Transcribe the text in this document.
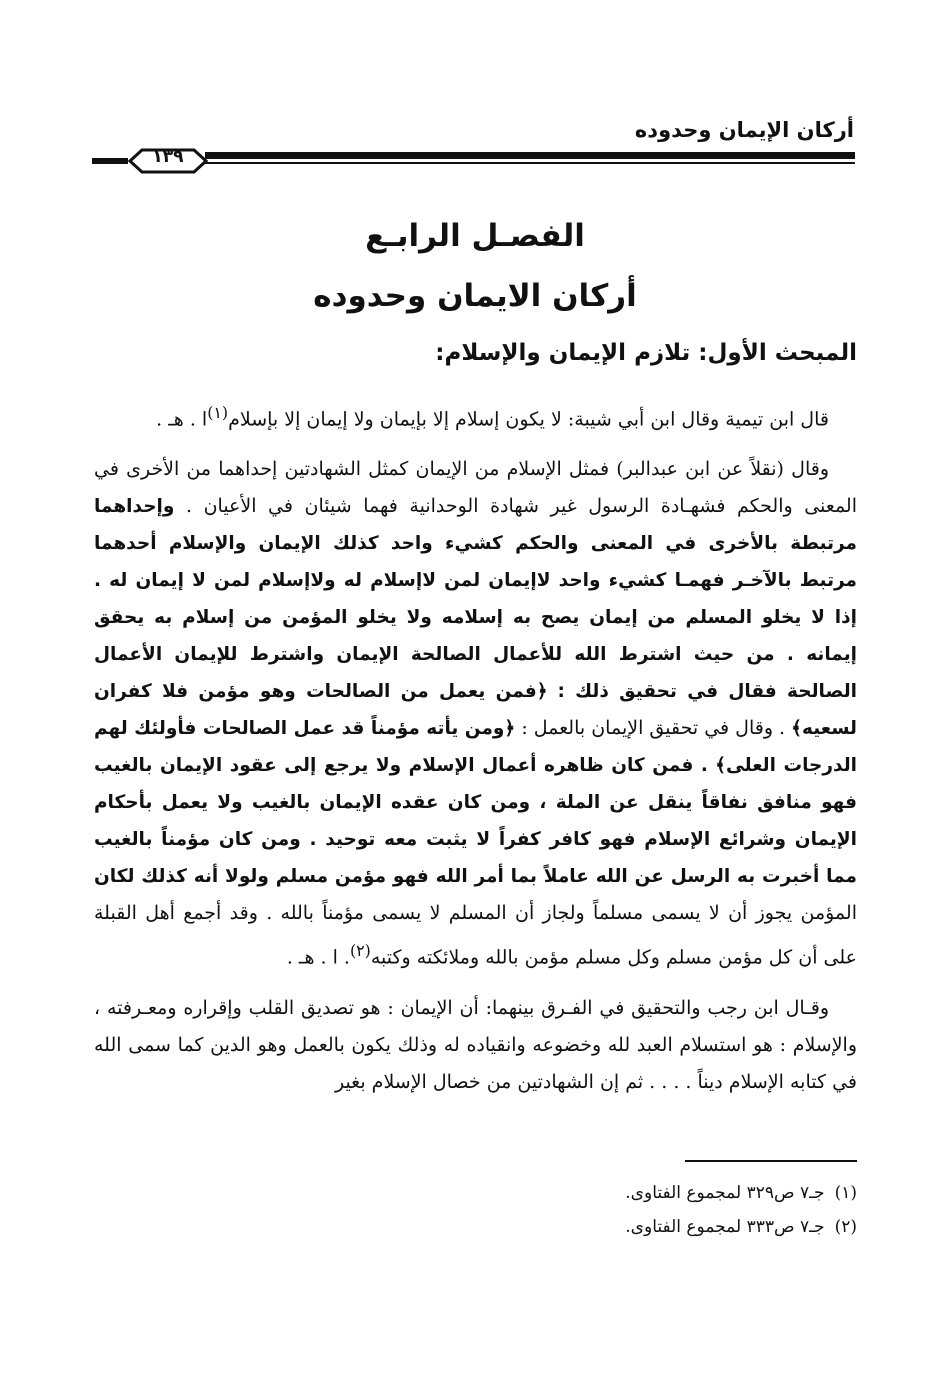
أركان الإيمان وحدوده
١٣٩
الفصـل الرابـع
أركان الايمان وحدوده
المبحث الأول: تلازم الإيمان والإسلام:

قال ابن تيمية وقال ابن أبي شيبة: لا يكون إسلام إلا بإيمان ولا إيمان إلا بإسلام$^{(١)}$ا . هـ .

وقال (نقلاً عن ابن عبدالبر) فمثل الإسلام من الإيمان كمثل الشهادتين إحداهما من الأخرى في المعنى والحكم فشهـادة الرسول غير شهادة الوحدانية فهما شيئان في الأعيان . وإحداهما مرتبطة بالأخرى في المعنى والحكم كشيء واحد كذلك الإيمان والإسلام أحدهما مرتبط بالآخـر فهمـا كشيء واحد لاإيمان لمن لاإسلام له ولاإسلام لمن لا إيمان له . إذا لا يخلو المسلم من إيمان يصح به إسلامه ولا يخلو المؤمن من إسلام به يحقق إيمانه . من حيث اشترط الله للأعمال الصالحة الإيمان واشترط للإيمان الأعمال الصالحة فقال في تحقيق ذلك : ﴿فمن يعمل من الصالحات وهو مؤمن فلا كفران لسعيه﴾ . وقال في تحقيق الإيمان بالعمل : ﴿ومن يأته مؤمناً قد عمل الصالحات فأولئك لهم الدرجات العلى﴾ . فمن كان ظاهره أعمال الإسلام ولا يرجع إلى عقود الإيمان بالغيب فهو منافق نفاقاً ينقل عن الملة ، ومن كان عقده الإيمان بالغيب ولا يعمل بأحكام الإيمان وشرائع الإسلام فهو كافر كفراً لا يثبت معه توحيد . ومن كان مؤمناً بالغيب مما أخبرت به الرسل عن الله عاملاً بما أمر الله فهو مؤمن مسلم ولولا أنه كذلك لكان المؤمن يجوز أن لا يسمى مسلماً ولجاز أن المسلم لا يسمى مؤمناً بالله . وقد أجمع أهل القبلة على أن كل مؤمن مسلم وكل مسلم مؤمن بالله وملائكته وكتبه$^{(٢)}$. ا . هـ .

وقـال ابن رجب والتحقيق في الفـرق بينهما: أن الإيمان : هو تصديق القلب وإقراره ومعـرفته ، والإسلام : هو استسلام العبد لله وخضوعه وانقياده له وذلك يكون بالعمل وهو الدين كما سمى الله في كتابه الإسلام ديناً . . . . ثم إن الشهادتين من خصال الإسلام بغير

(١)جـ٧ ص٣٢٩ لمجموع الفتاوى.
(٢)جـ٧ ص٣٣٣ لمجموع الفتاوى.
